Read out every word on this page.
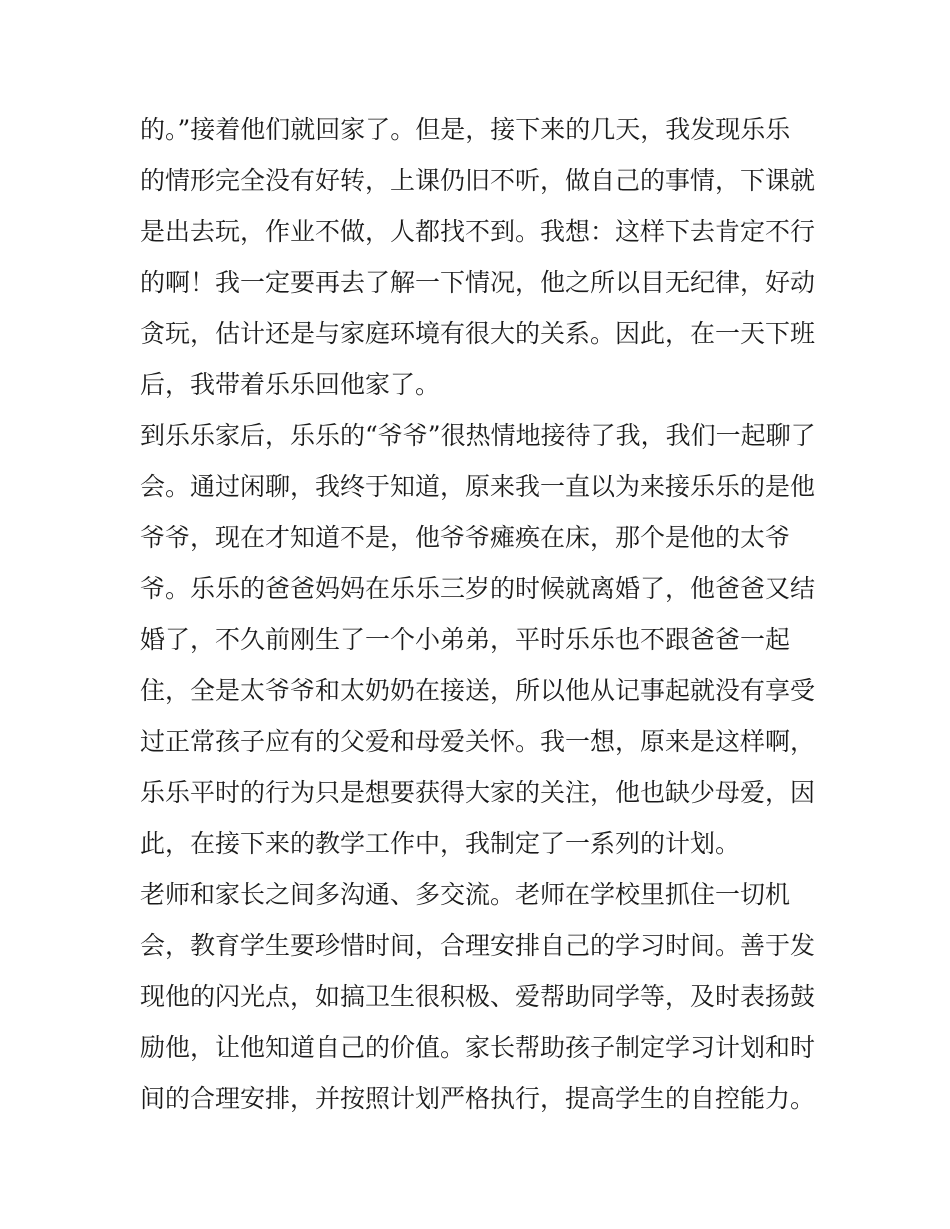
的。”接着他们就回家了。但是，接下来的几天，我发现乐乐
的情形完全没有好转，上课仍旧不听，做自己的事情，下课就
是出去玩，作业不做，人都找不到。我想：这样下去肯定不行
的啊！我一定要再去了解一下情况，他之所以目无纪律，好动
贪玩，估计还是与家庭环境有很大的关系。因此，在一天下班
后，我带着乐乐回他家了。
到乐乐家后，乐乐的“爷爷”很热情地接待了我，我们一起聊了
会。通过闲聊，我终于知道，原来我一直以为来接乐乐的是他
爷爷，现在才知道不是，他爷爷瘫痪在床，那个是他的太爷
爷。乐乐的爸爸妈妈在乐乐三岁的时候就离婚了，他爸爸又结
婚了，不久前刚生了一个小弟弟，平时乐乐也不跟爸爸一起
住，全是太爷爷和太奶奶在接送，所以他从记事起就没有享受
过正常孩子应有的父爱和母爱关怀。我一想，原来是这样啊，
乐乐平时的行为只是想要获得大家的关注，他也缺少母爱，因
此，在接下来的教学工作中，我制定了一系列的计划。
老师和家长之间多沟通、多交流。老师在学校里抓住一切机
会，教育学生要珍惜时间，合理安排自己的学习时间。善于发
现他的闪光点，如搞卫生很积极、爱帮助同学等，及时表扬鼓
励他，让他知道自己的价值。家长帮助孩子制定学习计划和时
间的合理安排，并按照计划严格执行，提高学生的自控能力。
